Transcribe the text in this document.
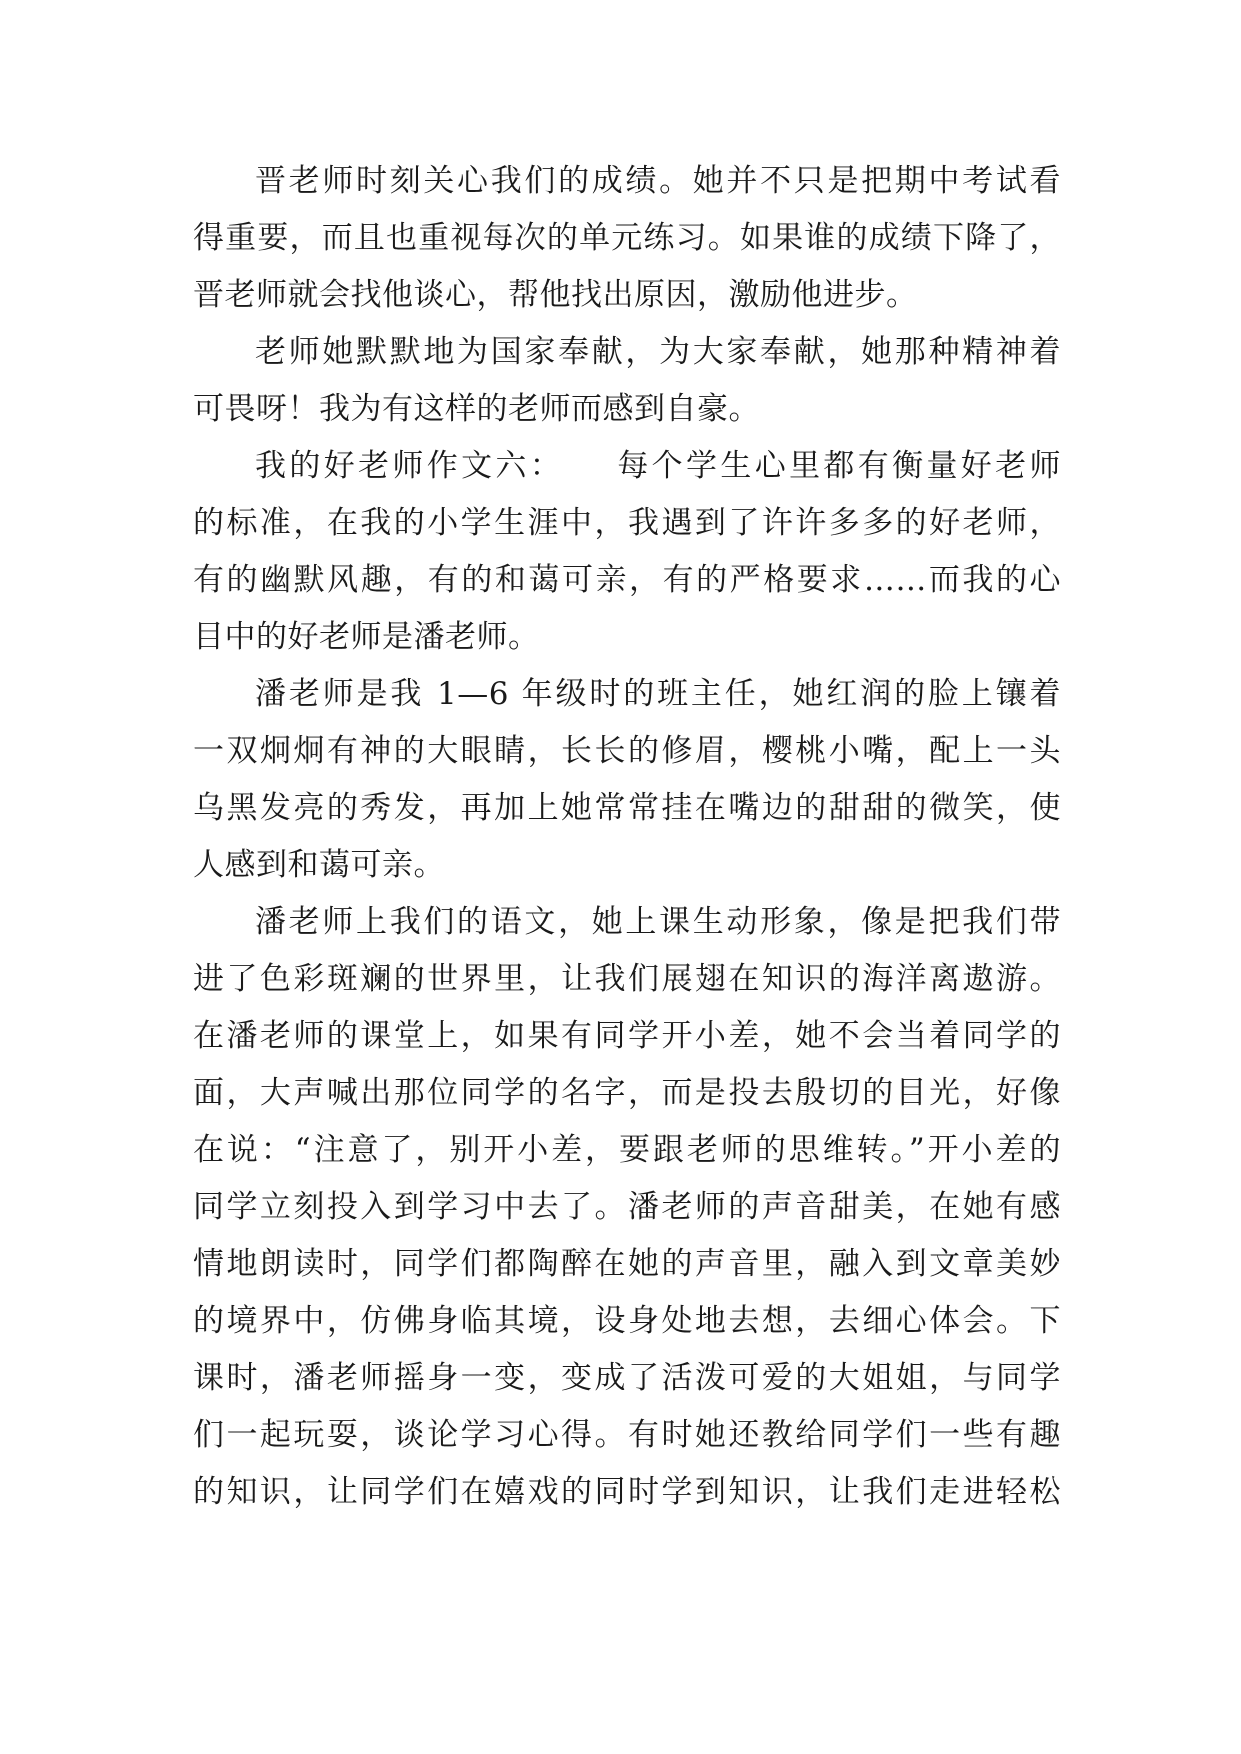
晋老师时刻关心我们的成绩。她并不只是把期中考试看
得重要，而且也重视每次的单元练习。如果谁的成绩下降了，
晋老师就会找他谈心，帮他找出原因，激励他进步。
老师她默默地为国家奉献，为大家奉献，她那种精神着
可畏呀！我为有这样的老师而感到自豪。
我的好老师作文六：　　每个学生心里都有衡量好老师
的标准，在我的小学生涯中，我遇到了许许多多的好老师，
有的幽默风趣，有的和蔼可亲，有的严格要求……而我的心
目中的好老师是潘老师。
潘老师是我 1—6 年级时的班主任，她红润的脸上镶着
一双炯炯有神的大眼睛，长长的修眉，樱桃小嘴，配上一头
乌黑发亮的秀发，再加上她常常挂在嘴边的甜甜的微笑，使
人感到和蔼可亲。
潘老师上我们的语文，她上课生动形象，像是把我们带
进了色彩斑斓的世界里，让我们展翅在知识的海洋离遨游。
在潘老师的课堂上，如果有同学开小差，她不会当着同学的
面，大声喊出那位同学的名字，而是投去殷切的目光，好像
在说：“注意了，别开小差，要跟老师的思维转。”开小差的
同学立刻投入到学习中去了。潘老师的声音甜美，在她有感
情地朗读时，同学们都陶醉在她的声音里，融入到文章美妙
的境界中，仿佛身临其境，设身处地去想，去细心体会。下
课时，潘老师摇身一变，变成了活泼可爱的大姐姐，与同学
们一起玩耍，谈论学习心得。有时她还教给同学们一些有趣
的知识，让同学们在嬉戏的同时学到知识，让我们走进轻松
